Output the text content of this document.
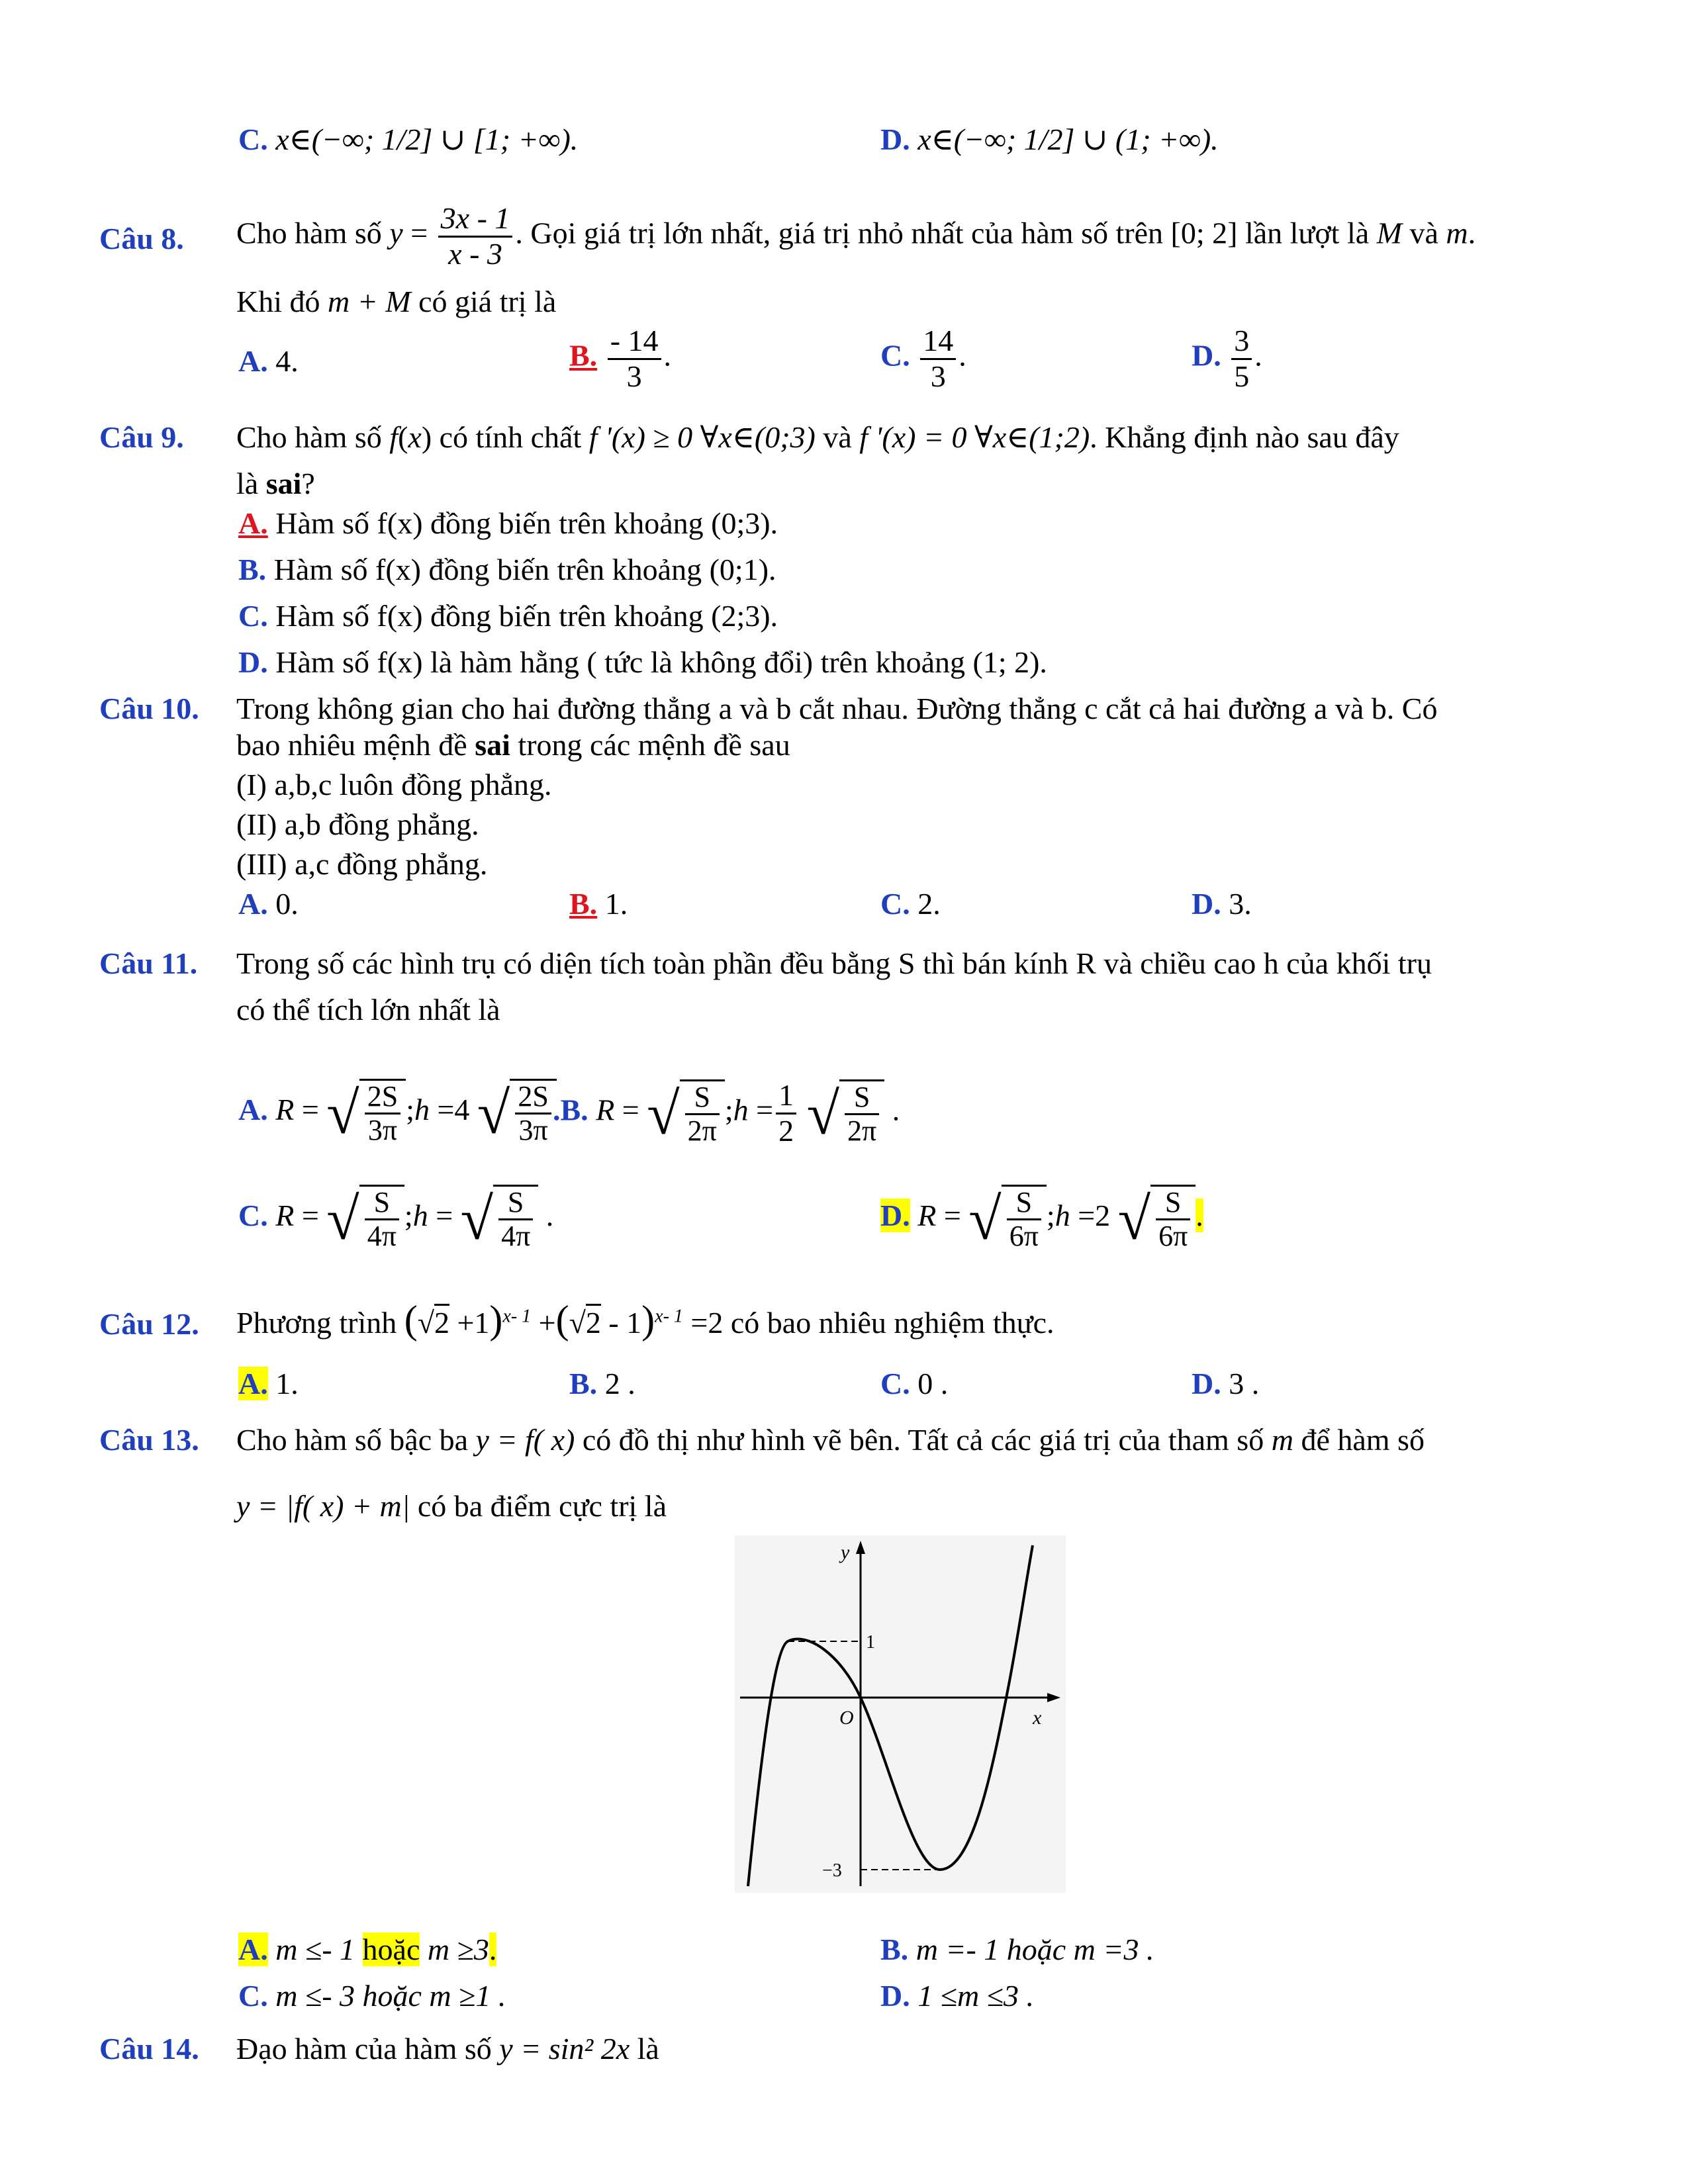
C. x∈(−∞; 1/2] ∪ [1; +∞).	D. x∈(−∞; 1/2] ∪ (1; +∞).
Câu 8. Cho hàm số $y = \frac{3x - 1}{x - 3}$ . Gọi giá trị lớn nhất, giá trị nhỏ nhất của hàm số trên [0; 2] lần lượt là M và m.
Khi đó m + M có giá trị là
A. 4.	B. $\frac{- 14}{3}$ .	C. $\frac{14}{3}$ .	D. $\frac{3}{5}$ .
Câu 9. Cho hàm số f(x) có tính chất f '(x) ≥ 0 ∀x∈(0;3) và f '(x) = 0 ∀x∈(1;2). Khẳng định nào sau đây
là sai?
A. Hàm số f(x) đồng biến trên khoảng (0;3).
B. Hàm số f(x) đồng biến trên khoảng (0;1).
C. Hàm số f(x) đồng biến trên khoảng (2;3).
D. Hàm số f(x) là hàm hằng ( tức là không đổi) trên khoảng (1; 2).
Câu 10. Trong không gian cho hai đường thẳng a và b cắt nhau. Đường thẳng c cắt cả hai đường a và b. Có
bao nhiêu mệnh đề sai trong các mệnh đề sau
(I) a,b,c luôn đồng phẳng.
(II) a,b đồng phẳng.
(III) a,c đồng phẳng.
A. 0.	B. 1.	C. 2.	D. 3.
Câu 11. Trong số các hình trụ có diện tích toàn phần đều bằng S thì bán kính R và chiều cao h của khối trụ
có thể tích lớn nhất là
A. R = √ $\frac{2S}{3\pi}$ ;h =4 √ $\frac{2S}{3\pi} .B$. R = √ $\frac{S}{2\pi}$ ;h = $\frac{1}{2}$ √ $\frac{S}{2\pi}$ .
C. R = √ $\frac{S}{4\pi}$ ;h = √ $\frac{S}{4\pi}$ .	D. R = √ $\frac{S}{6\pi}$ ;h =2 √ $\frac{S}{6\pi}$ .
Câu 12. Phương trình $(√2 +1)^{x- 1} +(√2 - 1)^{x- 1} =2$ có bao nhiêu nghiệm thực.
A. 1.	B. 2 .	C. 0 .	D. 3 .
Câu 13. Cho hàm số bậc ba y = f( x) có đồ thị như hình vẽ bên. Tất cả các giá trị của tham số m để hàm số
y = |f( x) + m| có ba điểm cực trị là
y
x
O
1
−3
A. m ≤- 1 hoặc m ≥3.	B. m =- 1 hoặc m =3 .
C. m ≤- 3 hoặc m ≥1 .	D. 1 ≤m ≤3 .
Câu 14. Đạo hàm của hàm số y = sin² 2x là
